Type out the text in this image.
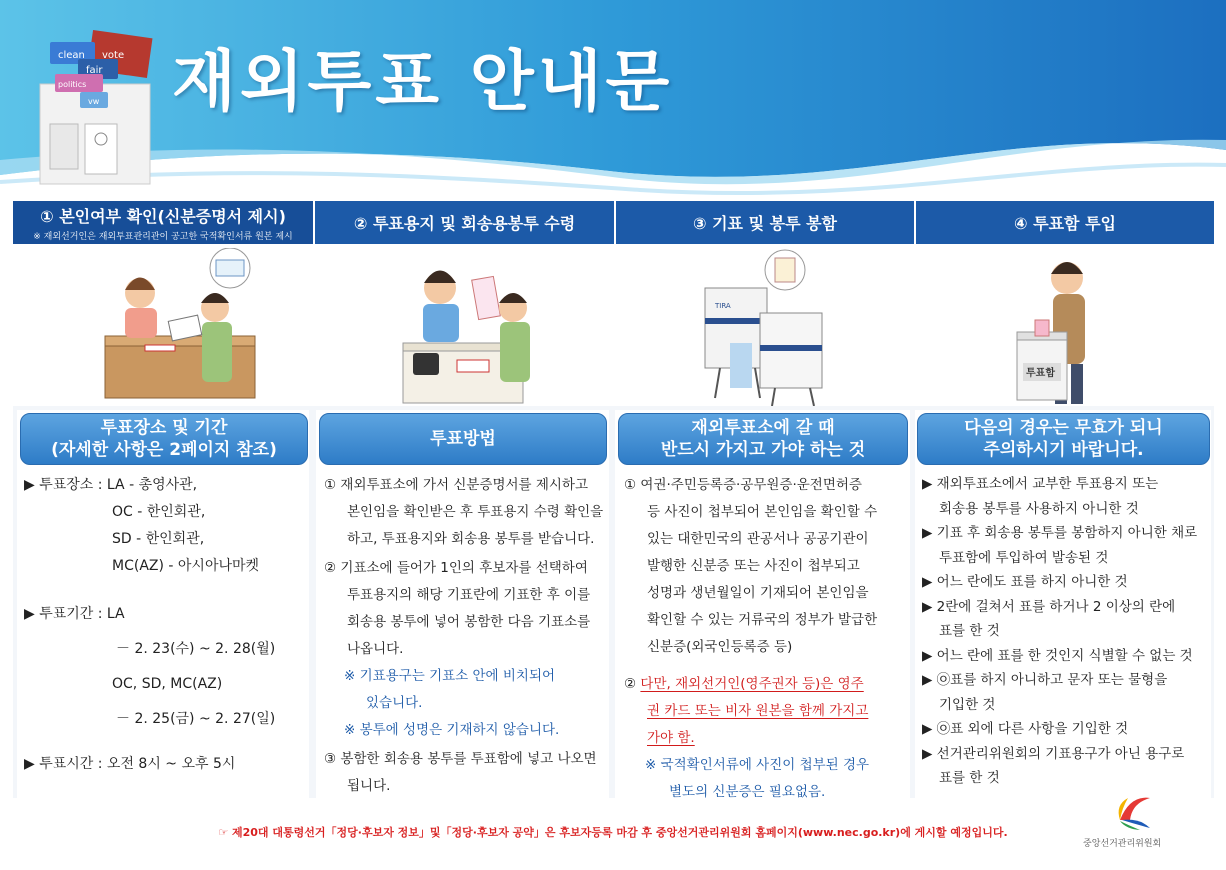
clean
fair
vote
politics
vw 재외투표 안내문
① 본인여부 확인(신분증명서 제시)
※ 재외선거인은 재외투표관리관이 공고한 국적확인서류 원본 제시
② 투표용지 및 회송용봉투 수령	③ 기표 및 봉투 봉함	④ 투표함 투입
TIRA
투표함
투표장소 및 기간
(자세한 사항은 2페이지 참조)
투표방법
재외투표소에 갈 때
반드시 가지고 가야 하는 것
다음의 경우는 무효가 되니
주의하시기 바랍니다.
▶ 투표장소 : LA - 총영사관,
OC - 한인회관,
SD - 한인회관,
MC(AZ) - 아시아나마켓
▶ 투표기간 : LA
－ 2. 23(수) ~ 2. 28(월)
OC, SD, MC(AZ)
－ 2. 25(금) ~ 2. 27(일)
▶ 투표시간 : 오전 8시 ~ 오후 5시
① 재외투표소에 가서 신분증명서를 제시하고
본인임을 확인받은 후 투표용지 수령 확인을
하고, 투표용지와 회송용 봉투를 받습니다.
② 기표소에 들어가 1인의 후보자를 선택하여
투표용지의 해당 기표란에 기표한 후 이를
회송용 봉투에 넣어 봉함한 다음 기표소를
나옵니다.
※ 기표용구는 기표소 안에 비치되어
있습니다.
※ 봉투에 성명은 기재하지 않습니다.
③ 봉함한 회송용 봉투를 투표함에 넣고 나오면
됩니다.
① 여권·주민등록증·공무원증·운전면허증
등 사진이 첩부되어 본인임을 확인할 수
있는 대한민국의 관공서나 공공기관이
발행한 신분증 또는 사진이 첩부되고
성명과 생년월일이 기재되어 본인임을
확인할 수 있는 거류국의 정부가 발급한
신분증(외국인등록증 등)
② 다만, 재외선거인(영주권자 등)은 영주
권 카드 또는 비자 원본을 함께 가지고
가야 함.
※ 국적확인서류에 사진이 첩부된 경우
별도의 신분증은 필요없음.
▶ 재외투표소에서 교부한 투표용지 또는
회송용 봉투를 사용하지 아니한 것
▶ 기표 후 회송용 봉투를 봉함하지 아니한 채로
투표함에 투입하여 발송된 것
▶ 어느 란에도 표를 하지 아니한 것
▶ 2란에 걸쳐서 표를 하거나 2 이상의 란에
표를 한 것
▶ 어느 란에 표를 한 것인지 식별할 수 없는 것
▶ ㉧표를 하지 아니하고 문자 또는 물형을
기입한 것
▶ ㉧표 외에 다른 사항을 기입한 것
▶ 선거관리위원회의 기표용구가 아닌 용구로
표를 한 것
☞ 제20대 대통령선거「정당·후보자 정보」및「정당·후보자 공약」은 후보자등록 마감 후 중앙선거관리위원회 홈페이지(www.nec.go.kr)에 게시할 예정입니다.
중앙선거관리위원회
